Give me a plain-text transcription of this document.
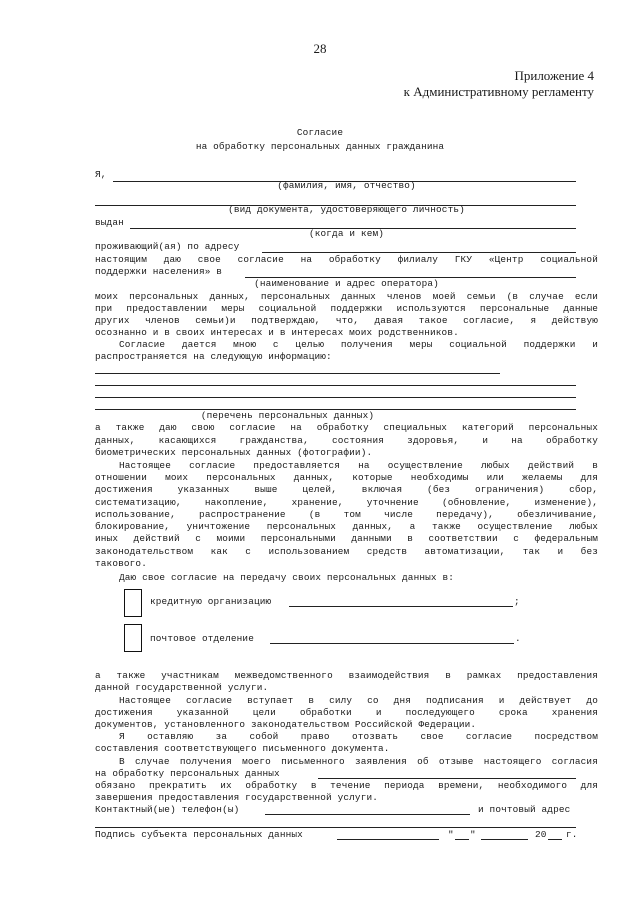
28
Приложение 4
к Административному регламенту
Согласие
на обработку персональных данных гражданина
Я,
(фамилия, имя, отчество)
(вид документа, удостоверяющего личность)
выдан
(когда и кем)
проживающий(ая) по адресу
настоящим даю свое согласие на обработку филиалу ГКУ «Центр социальной
поддержки населения» в
(наименование и адрес оператора)
моих персональных данных, персональных данных членов моей семьи (в случае если
при предоставлении меры социальной поддержки используются персональные данные
других членов семьи)и подтверждаю, что, давая такое согласие, я действую
осознанно и в своих интересах и в интересах моих родственников.
Согласие дается мною с целью получения меры социальной поддержки и
распространяется на следующую информацию:
(перечень персональных данных)
а также даю свою согласие на обработку специальных категорий персональных
данных, касающихся гражданства, состояния здоровья, и на обработку
биометрических персональных данных (фотографии).
Настоящее согласие предоставляется на осуществление любых действий в
отношении моих персональных данных, которые необходимы или желаемы для
достижения указанных выше целей, включая (без ограничения) сбор,
систематизацию, накопление, хранение, уточнение (обновление, изменение),
использование, распространение (в том числе передачу), обезличивание,
блокирование, уничтожение персональных данных, а также осуществление любых
иных действий с моими персональными данными в соответствии с федеральным
законодательством как с использованием средств автоматизации, так и без
такового.
Даю свое согласие на передачу своих персональных данных в:
кредитную организацию	;
почтовое отделение	.
а также участникам межведомственного взаимодействия в рамках предоставления
данной государственной услуги.
Настоящее согласие вступает в силу со дня подписания и действует до
достижения указанной цели обработки и последующего срока хранения
документов, установленного законодательством Российской Федерации.
Я оставляю за собой право отозвать свое согласие посредством
составления соответствующего письменного документа.
В случае получения моего письменного заявления об отзыве настоящего согласия
на обработку персональных данных
обязано прекратить их обработку в течение периода времени, необходимого для
завершения предоставления государственной услуги.
Контактный(ые) телефон(ы)	и почтовый адрес
Подпись субъекта персональных данных	" "	20 г.
